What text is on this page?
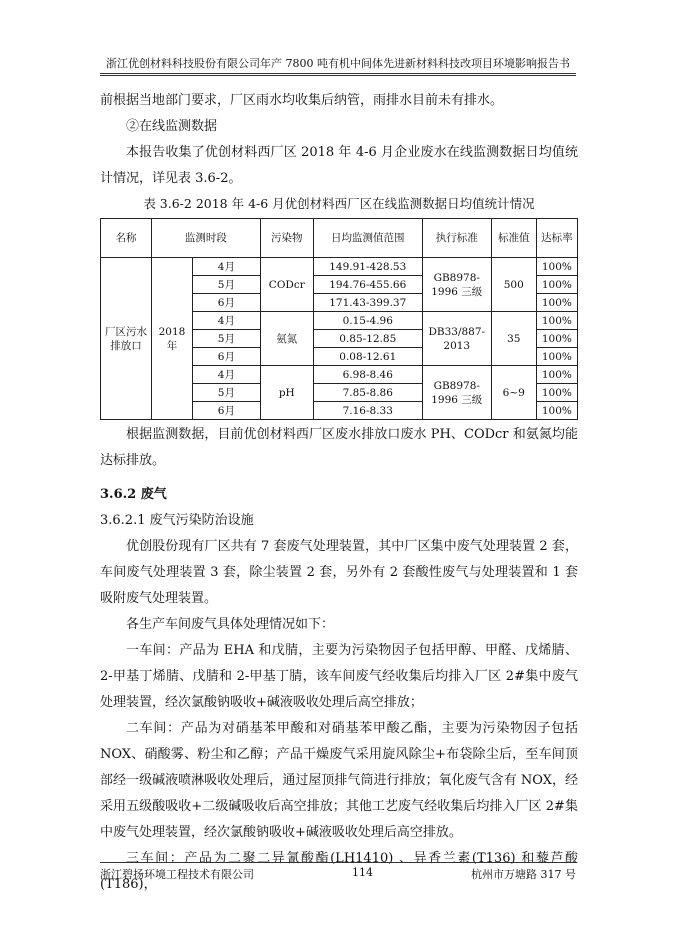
浙江优创材料科技股份有限公司年产 7800 吨有机中间体先进新材料科技改项目环境影响报告书

前根据当地部门要求，厂区雨水均收集后纳管，雨排水目前未有排水。

②在线监测数据

本报告收集了优创材料西厂区 2018 年 4-6 月企业废水在线监测数据日均值统计情况，详见表 3.6-2。

表 3.6-2 2018 年 4-6 月优创材料西厂区在线监测数据日均值统计情况
名称	监测时段		污染物	日均监测值范围	执行标准	标准值	达标率
厂区污水排放口	2018年	4月	CODcr	149.91-428.53	GB8978-1996 三级	500	100%
		5月		194.76-455.66			100%
		6月		171.43-399.37			100%
		4月	氨氮	0.15-4.96	DB33/887-2013	35	100%
		5月		0.85-12.85			100%
		6月		0.08-12.61			100%
		4月	pH	6.98-8.46	GB8978-1996 三级	6~9	100%
		5月		7.85-8.86			100%
		6月		7.16-8.33			100%

根据监测数据，目前优创材料西厂区废水排放口废水 PH、CODcr 和氨氮均能达标排放。

3.6.2 废气

3.6.2.1 废气污染防治设施

优创股份现有厂区共有 7 套废气处理装置，其中厂区集中废气处理装置 2 套，车间废气处理装置 3 套，除尘装置 2 套，另外有 2 套酸性废气与处理装置和 1 套吸附废气处理装置。

各生产车间废气具体处理情况如下：

一车间：产品为 EHA 和戊腈，主要为污染物因子包括甲醇、甲醛、戊烯腈、2-甲基丁烯腈、戊腈和 2-甲基丁腈，该车间废气经收集后均排入厂区 2#集中废气处理装置，经次氯酸钠吸收+碱液吸收处理后高空排放；

二车间：产品为对硝基苯甲酸和对硝基苯甲酸乙酯，主要为污染物因子包括 NOX、硝酸雾、粉尘和乙醇；产品干燥废气采用旋风除尘+布袋除尘后，至车间顶部经一级碱液喷淋吸收处理后，通过屋顶排气筒进行排放；氧化废气含有 NOX，经采用五级酸吸收+二级碱吸收后高空排放；其他工艺废气经收集后均排入厂区 2#集中废气处理装置，经次氯酸钠吸收+碱液吸收处理后高空排放。

三车间：产品为二聚二异氰酸酯(LH1410) 、异香兰素(T136) 和藜芦酸(T186)，

浙江碧扬环境工程技术有限公司	114	杭州市万塘路 317 号
